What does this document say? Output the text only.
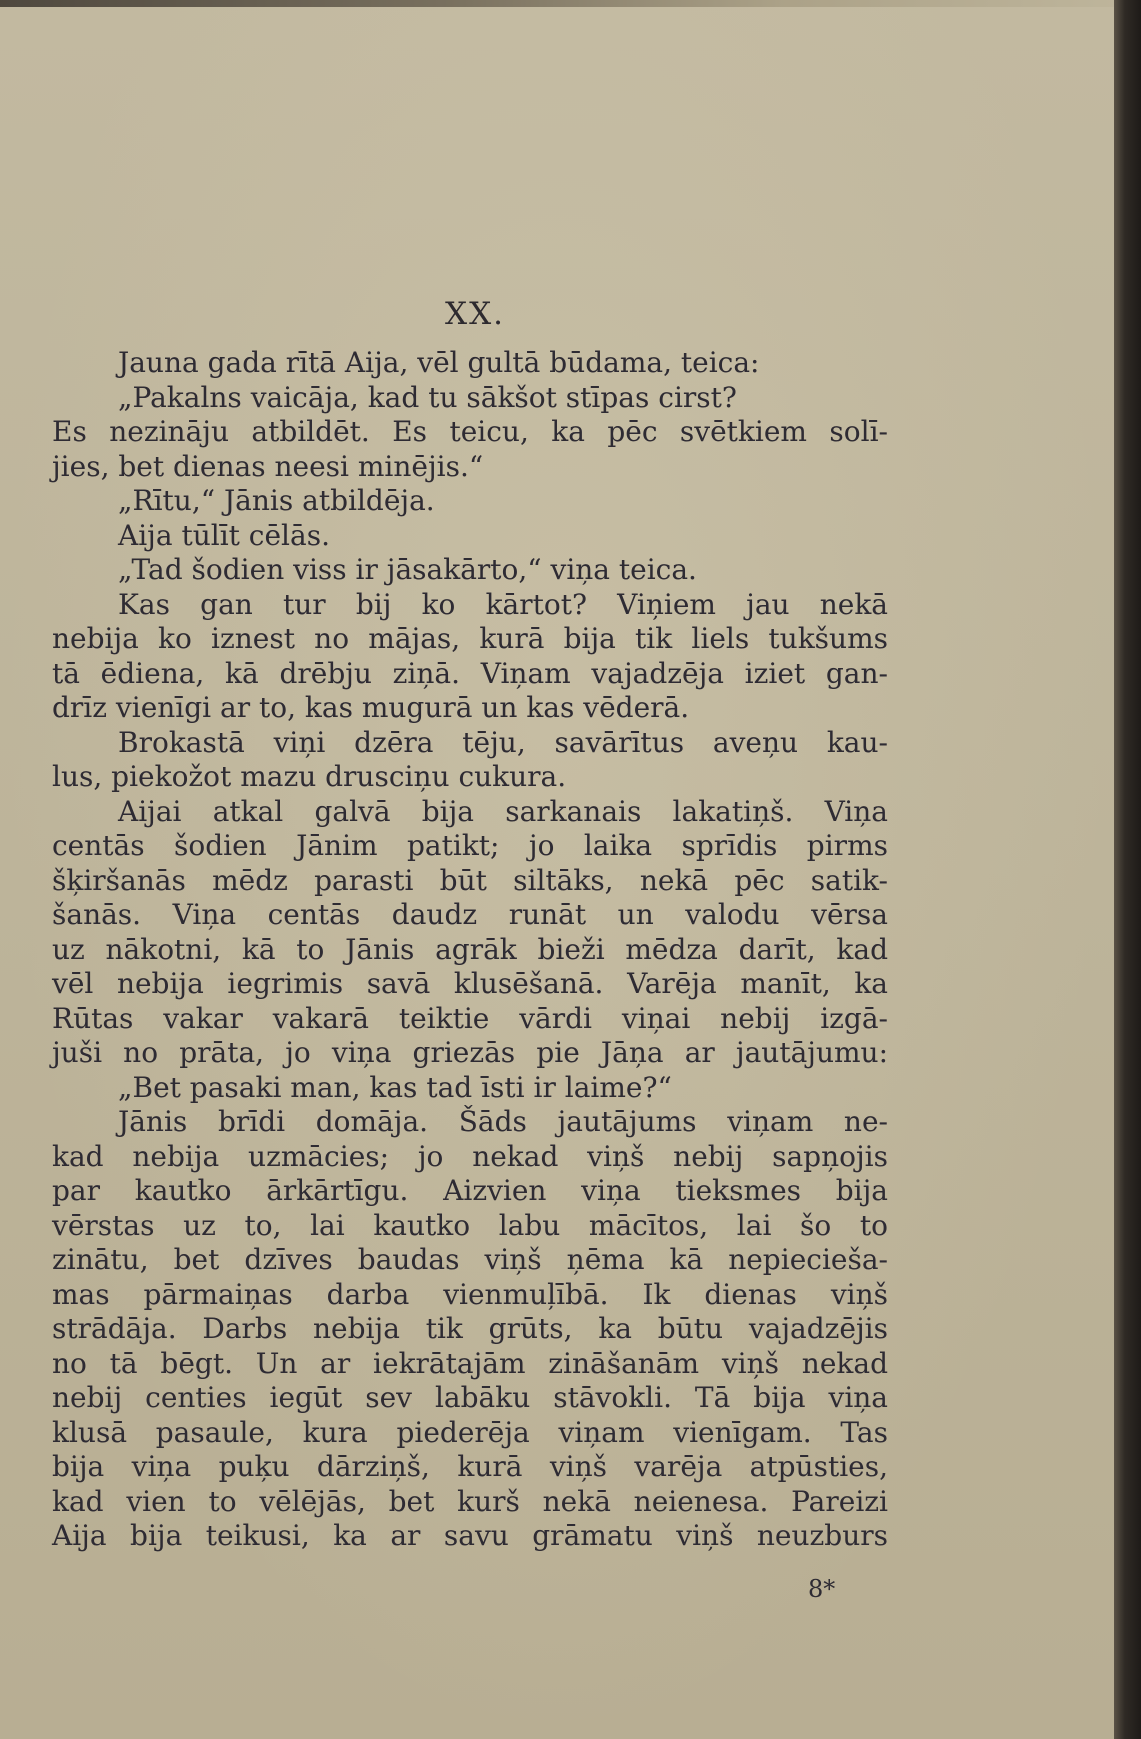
XX.
Jauna gada rītā Aija, vēl gultā būdama, teica:
„Pakalns vaicāja, kad tu sākšot stīpas cirst?
Es nezināju atbildēt. Es teicu, ka pēc svētkiem solī-
jies, bet dienas neesi minējis.“
„Rītu,“ Jānis atbildēja.
Aija tūlīt cēlās.
„Tad šodien viss ir jāsakārto,“ viņa teica.
Kas gan tur bij ko kārtot? Viņiem jau nekā
nebija ko iznest no mājas, kurā bija tik liels tukšums
tā ēdiena, kā drēbju ziņā. Viņam vajadzēja iziet gan-
drīz vienīgi ar to, kas mugurā un kas vēderā.
Brokastā viņi dzēra tēju, savārītus aveņu kau-
lus, piekožot mazu drusciņu cukura.
Aijai atkal galvā bija sarkanais lakatiņš. Viņa
centās šodien Jānim patikt; jo laika sprīdis pirms
šķiršanās mēdz parasti būt siltāks, nekā pēc satik-
šanās. Viņa centās daudz runāt un valodu vērsa
uz nākotni, kā to Jānis agrāk bieži mēdza darīt, kad
vēl nebija iegrimis savā klusēšanā. Varēja manīt, ka
Rūtas vakar vakarā teiktie vārdi viņai nebij izgā-
juši no prāta, jo viņa griezās pie Jāņa ar jautājumu:
„Bet pasaki man, kas tad īsti ir laime?“
Jānis brīdi domāja. Šāds jautājums viņam ne-
kad nebija uzmācies; jo nekad viņš nebij sapņojis
par kautko ārkārtīgu. Aizvien viņa tieksmes bija
vērstas uz to, lai kautko labu mācītos, lai šo to
zinātu, bet dzīves baudas viņš ņēma kā nepiecieša-
mas pārmaiņas darba vienmuļībā. Ik dienas viņš
strādāja. Darbs nebija tik grūts, ka būtu vajadzējis
no tā bēgt. Un ar iekrātajām zināšanām viņš nekad
nebij centies iegūt sev labāku stāvokli. Tā bija viņa
klusā pasaule, kura piederēja viņam vienīgam. Tas
bija viņa puķu dārziņš, kurā viņš varēja atpūsties,
kad vien to vēlējās, bet kurš nekā neienesa. Pareizi
Aija bija teikusi, ka ar savu grāmatu viņš neuzburs
8*
